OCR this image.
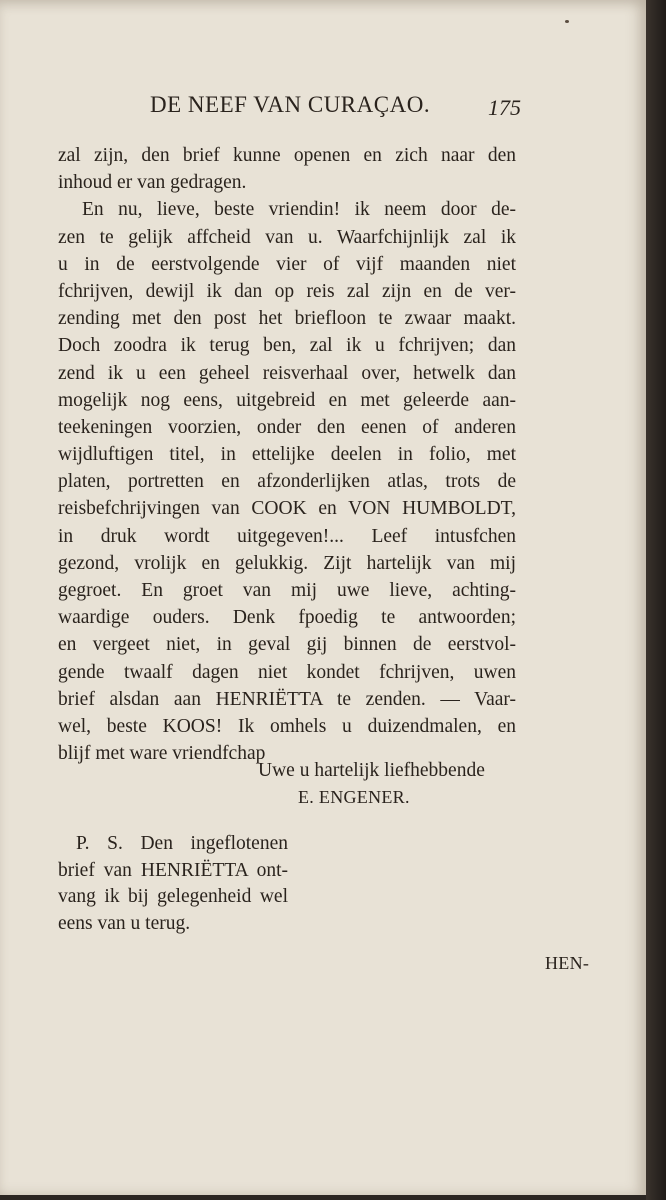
DE NEEF VAN CURAÇAO.	175
zal zijn, den brief kunne openen en zich naar den
inhoud er van gedragen.
En nu, lieve, beste vriendin! ik neem door de-
zen te gelijk affcheid van u. Waarfchijnlijk zal ik
u in de eerstvolgende vier of vijf maanden niet
fchrijven, dewijl ik dan op reis zal zijn en de ver-
zending met den post het briefloon te zwaar maakt.
Doch zoodra ik terug ben, zal ik u fchrijven; dan
zend ik u een geheel reisverhaal over, hetwelk dan
mogelijk nog eens, uitgebreid en met geleerde aan-
teekeningen voorzien, onder den eenen of anderen
wijdluftigen titel, in ettelijke deelen in folio, met
platen, portretten en afzonderlijken atlas, trots de
reisbefchrijvingen van COOK en VON HUMBOLDT,
in druk wordt uitgegeven!... Leef intusfchen
gezond, vrolijk en gelukkig. Zijt hartelijk van mij
gegroet. En groet van mij uwe lieve, achting-
waardige ouders. Denk fpoedig te antwoorden;
en vergeet niet, in geval gij binnen de eerstvol-
gende twaalf dagen niet kondet fchrijven, uwen
brief alsdan aan HENRIËTTA te zenden. — Vaar-
wel, beste KOOS! Ik omhels u duizendmalen, en
blijf met ware vriendfchap
Uwe u hartelijk liefhebbende
E. ENGENER.
P. S. Den ingeflotenen
brief van HENRIËTTA ont-
vang ik bij gelegenheid wel
eens van u terug.
HEN-
